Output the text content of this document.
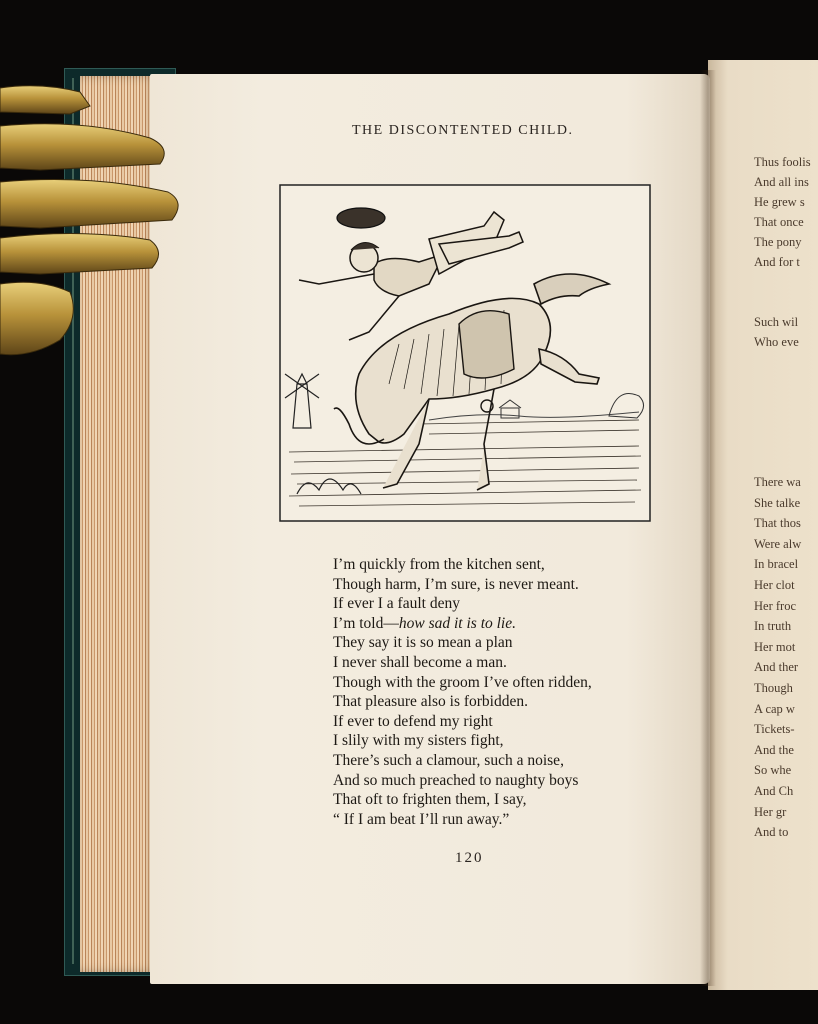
Thus foolis
And all ins
He grew s
That once
The pony
And for t
Such wil
Who eve
There wa
She talke
That thos
Were alw
In bracel
Her clot
Her froc
In truth
Her mot
And ther
Though
A cap w
Tickets-
And the
So whe
And Ch
Her gr
And to
THE DISCONTENTED CHILD.
I’m quickly from the kitchen sent,
Though harm, I’m sure, is never meant.
If ever I a fault deny
I’m told—how sad it is to lie.
They say it is so mean a plan
I never shall become a man.
Though with the groom I’ve often ridden,
That pleasure also is forbidden.
If ever to defend my right
I slily with my sisters fight,
There’s such a clamour, such a noise,
And so much preached to naughty boys
That oft to frighten them, I say,
“ If I am beat I’ll run away.”
120
